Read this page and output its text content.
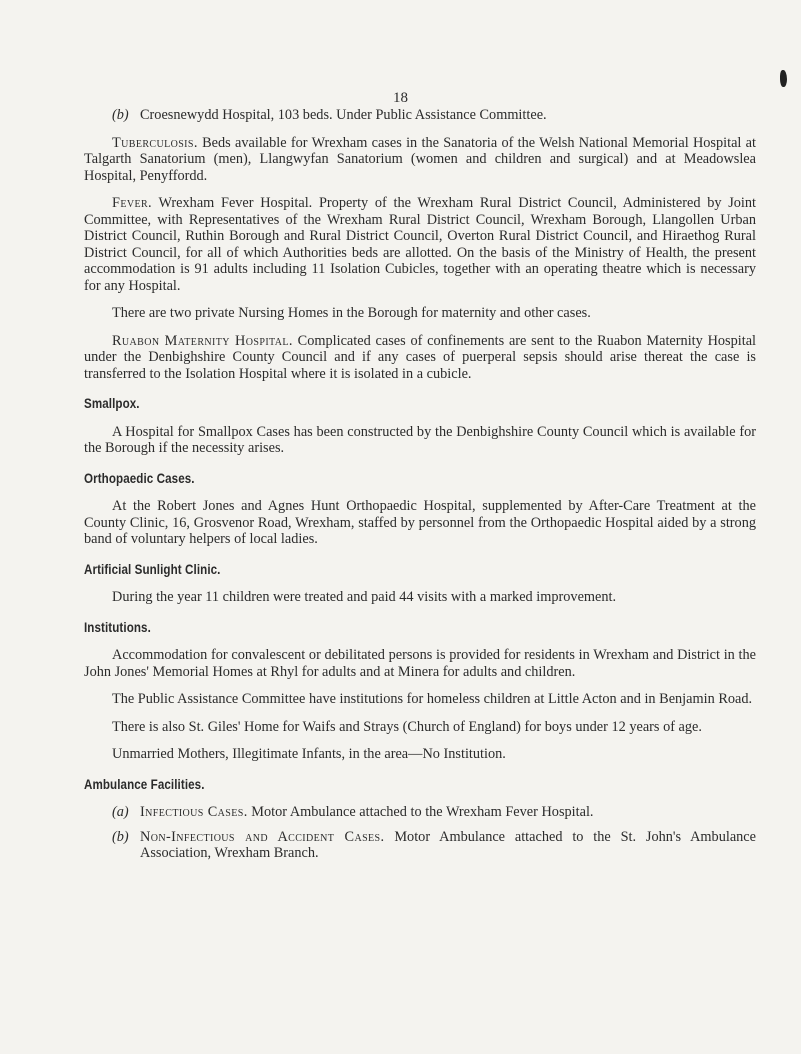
18
(b) Croesnewydd Hospital, 103 beds. Under Public Assistance Committee.

Tuberculosis. Beds available for Wrexham cases in the Sanatoria of the Welsh National Memorial Hospital at Talgarth Sanatorium (men), Llangwyfan Sanatorium (women and children and surgical) and at Meadowslea Hospital, Penyffordd.

Fever. Wrexham Fever Hospital. Property of the Wrexham Rural District Council, Administered by Joint Committee, with Representatives of the Wrexham Rural District Council, Wrexham Borough, Llangollen Urban District Council, Ruthin Borough and Rural District Council, Overton Rural District Council, and Hiraethog Rural District Council, for all of which Authorities beds are allotted. On the basis of the Ministry of Health, the present accommodation is 91 adults including 11 Isolation Cubicles, together with an operating theatre which is necessary for any Hospital.

There are two private Nursing Homes in the Borough for maternity and other cases.

Ruabon Maternity Hospital. Complicated cases of confinements are sent to the Ruabon Maternity Hospital under the Denbighshire County Council and if any cases of puerperal sepsis should arise thereat the case is transferred to the Isolation Hospital where it is isolated in a cubicle.

Smallpox.

A Hospital for Smallpox Cases has been constructed by the Denbighshire County Council which is available for the Borough if the necessity arises.

Orthopaedic Cases.

At the Robert Jones and Agnes Hunt Orthopaedic Hospital, supplemented by After-Care Treatment at the County Clinic, 16, Grosvenor Road, Wrexham, staffed by personnel from the Orthopaedic Hospital aided by a strong band of voluntary helpers of local ladies.

Artificial Sunlight Clinic.

During the year 11 children were treated and paid 44 visits with a marked improvement.

Institutions.

Accommodation for convalescent or debilitated persons is provided for residents in Wrexham and District in the John Jones' Memorial Homes at Rhyl for adults and at Minera for adults and children.

The Public Assistance Committee have institutions for homeless children at Little Acton and in Benjamin Road.

There is also St. Giles' Home for Waifs and Strays (Church of England) for boys under 12 years of age.

Unmarried Mothers, Illegitimate Infants, in the area—No Institution.

Ambulance Facilities.
(a) Infectious Cases. Motor Ambulance attached to the Wrexham Fever Hospital.
(b) Non-Infectious and Accident Cases. Motor Ambulance attached to the St. John's Ambulance Association, Wrexham Branch.
